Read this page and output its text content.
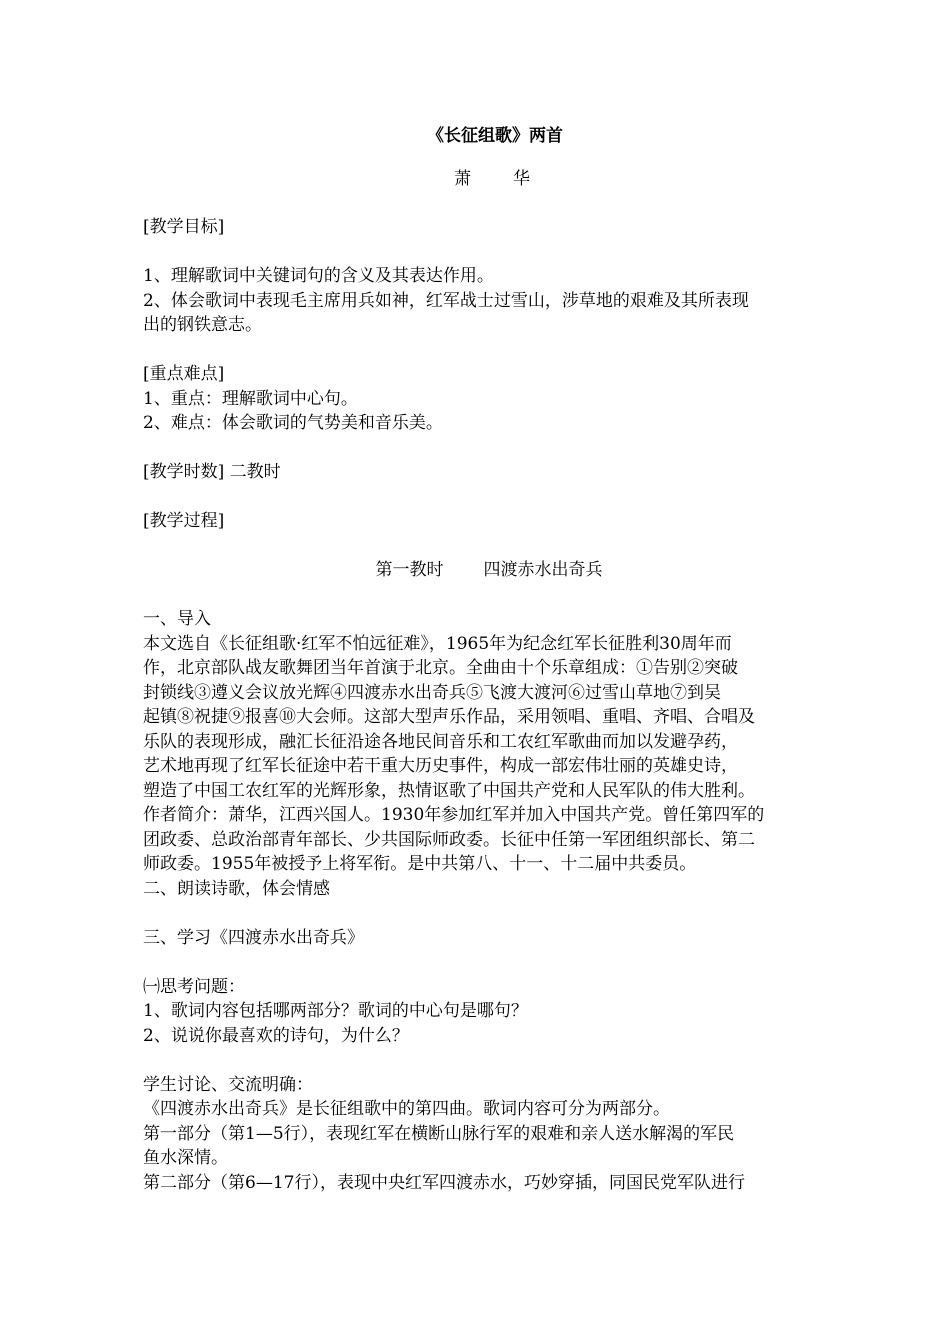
《长征组歌》两首

萧 华

[教学目标]

1、理解歌词中关键词句的含义及其表达作用。

2、体会歌词中表现毛主席用兵如神，红军战士过雪山，涉草地的艰难及其所表现

出的钢铁意志。

[重点难点]

1、重点：理解歌词中心句。

2、难点：体会歌词的气势美和音乐美。

[教学时数] 二教时

[教学过程]

第一教时 四渡赤水出奇兵

一、导入

本文选自《长征组歌·红军不怕远征难》，1965年为纪念红军长征胜利30周年而

作，北京部队战友歌舞团当年首演于北京。全曲由十个乐章组成：①告别②突破

封锁线③遵义会议放光辉④四渡赤水出奇兵⑤飞渡大渡河⑥过雪山草地⑦到吴

起镇⑧祝捷⑨报喜⑩大会师。这部大型声乐作品，采用领唱、重唱、齐唱、合唱及

乐队的表现形成，融汇长征沿途各地民间音乐和工农红军歌曲而加以发避孕药，

艺术地再现了红军长征途中若干重大历史事件，构成一部宏伟壮丽的英雄史诗，

塑造了中国工农红军的光辉形象，热情讴歌了中国共产党和人民军队的伟大胜利。

作者简介：萧华，江西兴国人。1930年参加红军并加入中国共产党。曾任第四军的

团政委、总政治部青年部长、少共国际师政委。长征中任第一军团组织部长、第二

师政委。1955年被授予上将军衔。是中共第八、十一、十二届中共委员。

二、朗读诗歌，体会情感

三、学习《四渡赤水出奇兵》

㈠思考问题：

1、歌词内容包括哪两部分？歌词的中心句是哪句？

2、说说你最喜欢的诗句，为什么？

学生讨论、交流明确：

《四渡赤水出奇兵》是长征组歌中的第四曲。歌词内容可分为两部分。

第一部分（第1—5行），表现红军在横断山脉行军的艰难和亲人送水解渴的军民

鱼水深情。

第二部分（第6—17行），表现中央红军四渡赤水，巧妙穿插，同国民党军队进行
